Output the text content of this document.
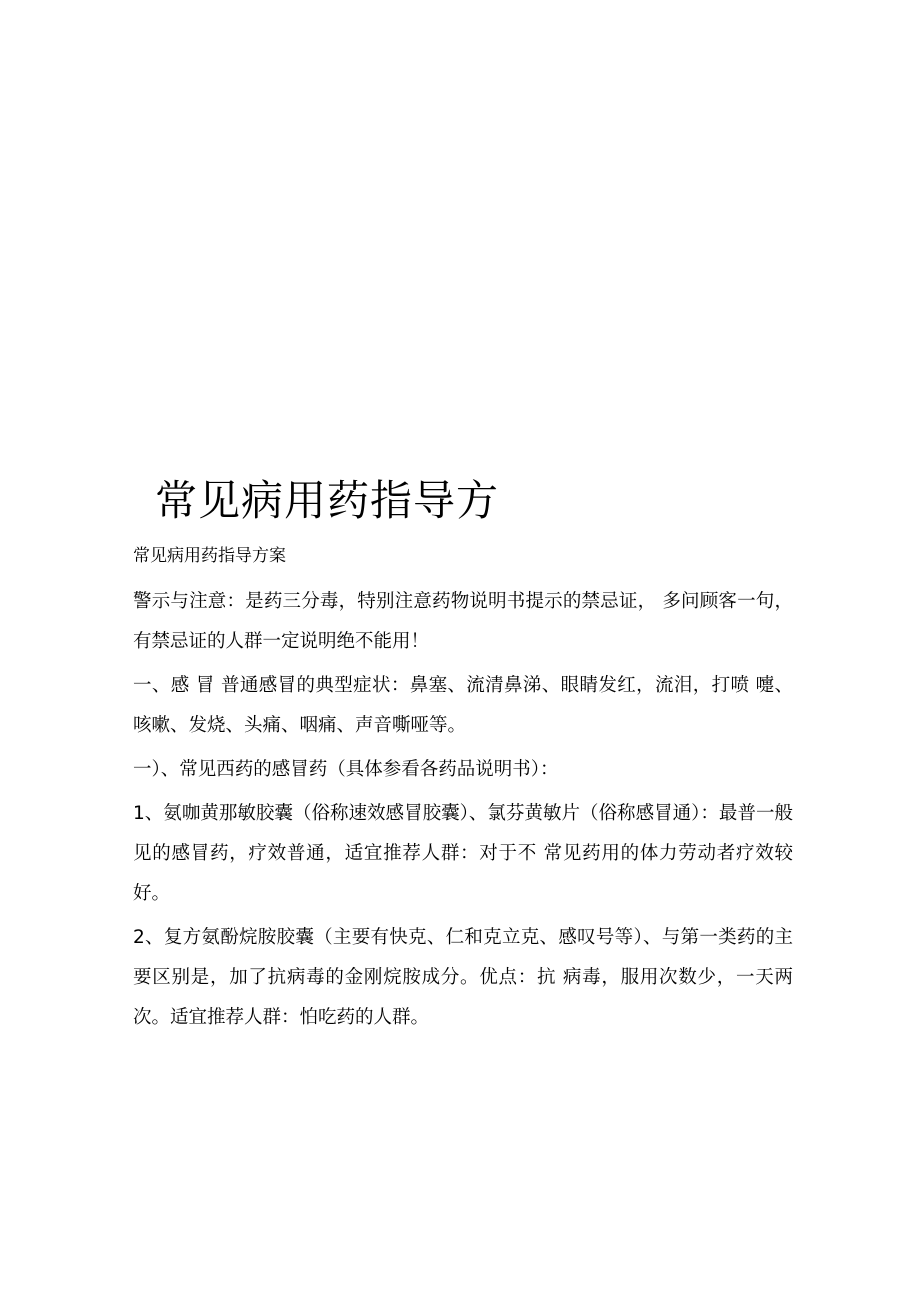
常见病用药指导方
常见病用药指导方案

警示与注意：是药三分毒，特别注意药物说明书提示的禁忌证， 多问顾客一句，有禁忌证的人群一定说明绝不能用！

一、感 冒 普通感冒的典型症状：鼻塞、流清鼻涕、眼睛发红，流泪，打喷 嚏、咳嗽、发烧、头痛、咽痛、声音嘶哑等。

一）、常见西药的感冒药（具体参看各药品说明书）：

1、氨咖黄那敏胶囊（俗称速效感冒胶囊）、氯芬黄敏片（俗称感冒通）：最普一般见的感冒药，疗效普通，适宜推荐人群：对于不 常见药用的体力劳动者疗效较好。

2、复方氨酚烷胺胶囊（主要有快克、仁和克立克、感叹号等）、与第一类药的主要区别是，加了抗病毒的金刚烷胺成分。优点：抗 病毒，服用次数少，一天两次。适宜推荐人群：怕吃药的人群。
